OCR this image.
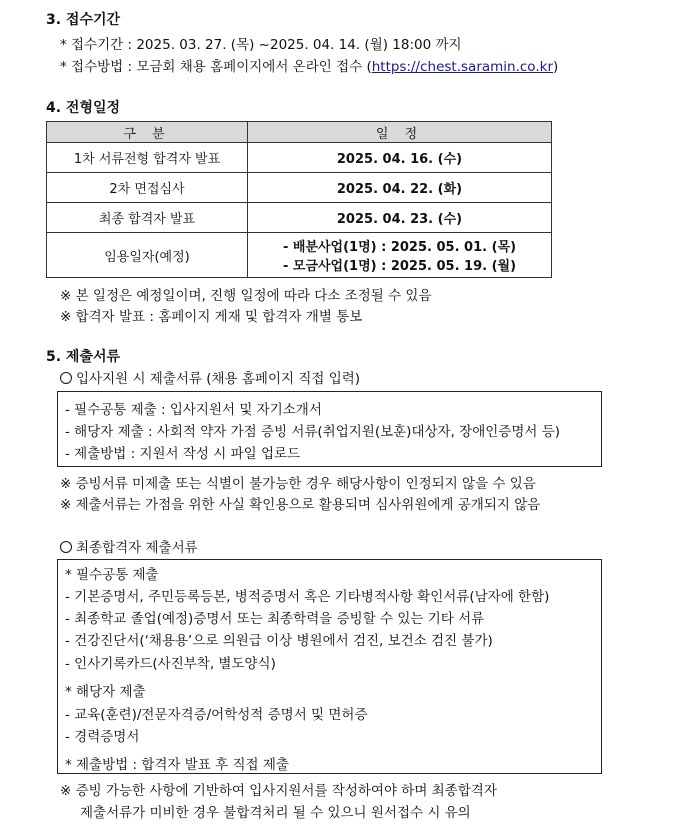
3. 접수기간
* 접수기간 : 2025. 03. 27. (목) ~2025. 04. 14. (월) 18:00 까지
* 접수방법 : 모금회 채용 홈페이지에서 온라인 접수 (https://chest.saramin.co.kr)
4. 전형일정
구 분	일 정
1차 서류전형 합격자 발표	2025. 04. 16. (수)
2차 면접심사	2025. 04. 22. (화)
최종 합격자 발표	2025. 04. 23. (수)
임용일자(예정)	- 배분사업(1명) : 2025. 05. 01. (목)
- 모금사업(1명) : 2025. 05. 19. (월)
※ 본 일정은 예정일이며, 진행 일정에 따라 다소 조정될 수 있음
※ 합격자 발표 : 홈페이지 게재 및 합격자 개별 통보
5. 제출서류
입사지원 시 제출서류 (채용 홈페이지 직접 입력)
- 필수공통 제출 : 입사지원서 및 자기소개서
- 해당자 제출 : 사회적 약자 가점 증빙 서류(취업지원(보훈)대상자, 장애인증명서 등)
- 제출방법 : 지원서 작성 시 파일 업로드
※ 증빙서류 미제출 또는 식별이 불가능한 경우 해당사항이 인정되지 않을 수 있음
※ 제출서류는 가점을 위한 사실 확인용으로 활용되며 심사위원에게 공개되지 않음
최종합격자 제출서류
* 필수공통 제출
- 기본증명서, 주민등록등본, 병적증명서 혹은 기타병적사항 확인서류(남자에 한함)
- 최종학교 졸업(예정)증명서 또는 최종학력을 증빙할 수 있는 기타 서류
- 건강진단서(‘채용용’으로 의원급 이상 병원에서 검진, 보건소 검진 불가)
- 인사기록카드(사진부착, 별도양식)
* 해당자 제출
- 교육(훈련)/전문자격증/어학성적 증명서 및 면허증
- 경력증명서
* 제출방법 : 합격자 발표 후 직접 제출
※ 증빙 가능한 사항에 기반하여 입사지원서를 작성하여야 하며 최종합격자
제출서류가 미비한 경우 불합격처리 될 수 있으니 원서접수 시 유의
